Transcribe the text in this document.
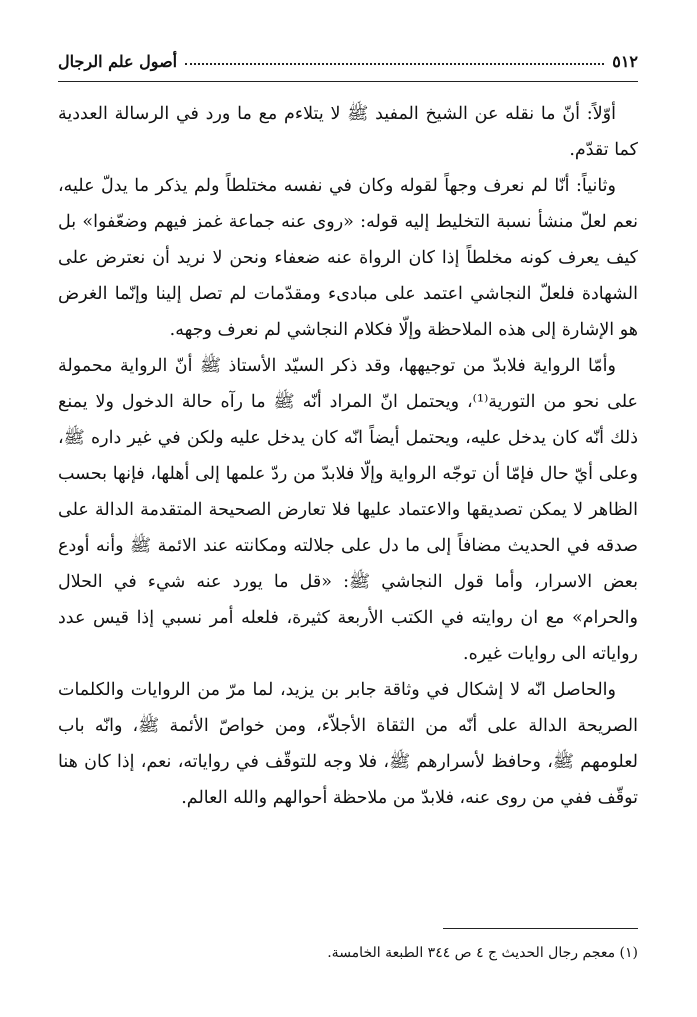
٥١٢
أصول علم الرجال

أوّلاً: أنّ ما نقله عن الشيخ المفيد ﷺ لا يتلاءم مع ما ورد في الرسالة العددية كما تقدّم.

وثانياً: أنّا لم نعرف وجهاً لقوله وكان في نفسه مختلطاً ولم يذكر ما يدلّ عليه، نعم لعلّ منشأ نسبة التخليط إليه قوله: «روى عنه جماعة غمز فيهم وضعّفوا» بل كيف يعرف كونه مخلطاً إذا كان الرواة عنه ضعفاء ونحن لا نريد أن نعترض على الشهادة فلعلّ النجاشي اعتمد على مبادىء ومقدّمات لم تصل إلينا وإنّما الغرض هو الإشارة إلى هذه الملاحظة وإلّا فكلام النجاشي لم نعرف وجهه.

وأمّا الرواية فلابدّ من توجيهها، وقد ذكر السيّد الأستاذ ﷺ أنّ الرواية محمولة على نحو من التورية⁽¹⁾، ويحتمل انّ المراد أنّه ﷺ ما رآه حالة الدخول ولا يمنع ذلك أنّه كان يدخل عليه، ويحتمل أيضاً انّه كان يدخل عليه ولكن في غير داره ﷺ، وعلى أيّ حال فإمّا أن توجّه الرواية وإلّا فلابدّ من ردّ علمها إلى أهلها، فإنها بحسب الظاهر لا يمكن تصديقها والاعتماد عليها فلا تعارض الصحيحة المتقدمة الدالة على صدقه في الحديث مضافاً إلى ما دل على جلالته ومكانته عند الائمة ﷺ وأنه أودع بعض الاسرار، وأما قول النجاشي ﷺ: «قل ما يورد عنه شيء في الحلال والحرام» مع ان روايته في الكتب الأربعة كثيرة، فلعله أمر نسبي إذا قيس عدد رواياته الى روايات غيره.

والحاصل انّه لا إشكال في وثاقة جابر بن يزيد، لما مرّ من الروايات والكلمات الصريحة الدالة على أنّه من الثقاة الأجلاّء، ومن خواصّ الأئمة ﷺ، وانّه باب لعلومهم ﷺ، وحافظ لأسرارهم ﷺ، فلا وجه للتوقّف في رواياته، نعم، إذا كان هنا توقّف ففي من روى عنه، فلابدّ من ملاحظة أحوالهم والله العالم.

(١) معجم رجال الحديث ج ٤ ص ٣٤٤ الطبعة الخامسة.
